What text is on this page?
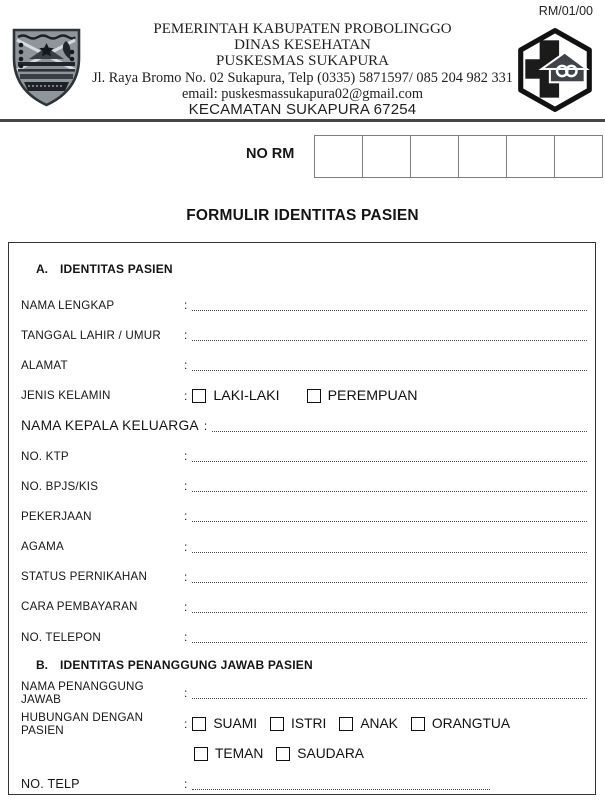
RM/01/00
PEMERINTAH KABUPATEN PROBOLINGGO
DINAS KESEHATAN
PUSKESMAS SUKAPURA
Jl. Raya Bromo No. 02 Sukapura, Telp (0335) 5871597/ 085 204 982 331
email: puskesmassukapura02@gmail.com
KECAMATAN SUKAPURA 67254
NO RM
FORMULIR IDENTITAS PASIEN
A. IDENTITAS PASIEN
NAMA LENGKAP	:
TANGGAL LAHIR / UMUR	:
ALAMAT	:
JENIS KELAMIN	: LAKI-LAKI	PEREMPUAN
NAMA KEPALA KELUARGA :
NO. KTP	:
NO. BPJS/KIS	:
PEKERJAAN	:
AGAMA	:
STATUS PERNIKAHAN	:
CARA PEMBAYARAN	:
NO. TELEPON	:
B. IDENTITAS PENANGGUNG JAWAB PASIEN
NAMA PENANGGUNG JAWAB	:
HUBUNGAN DENGAN PASIEN	: SUAMI ISTRI ANAK ORANGTUA
TEMAN SAUDARA
NO. TELP	:
